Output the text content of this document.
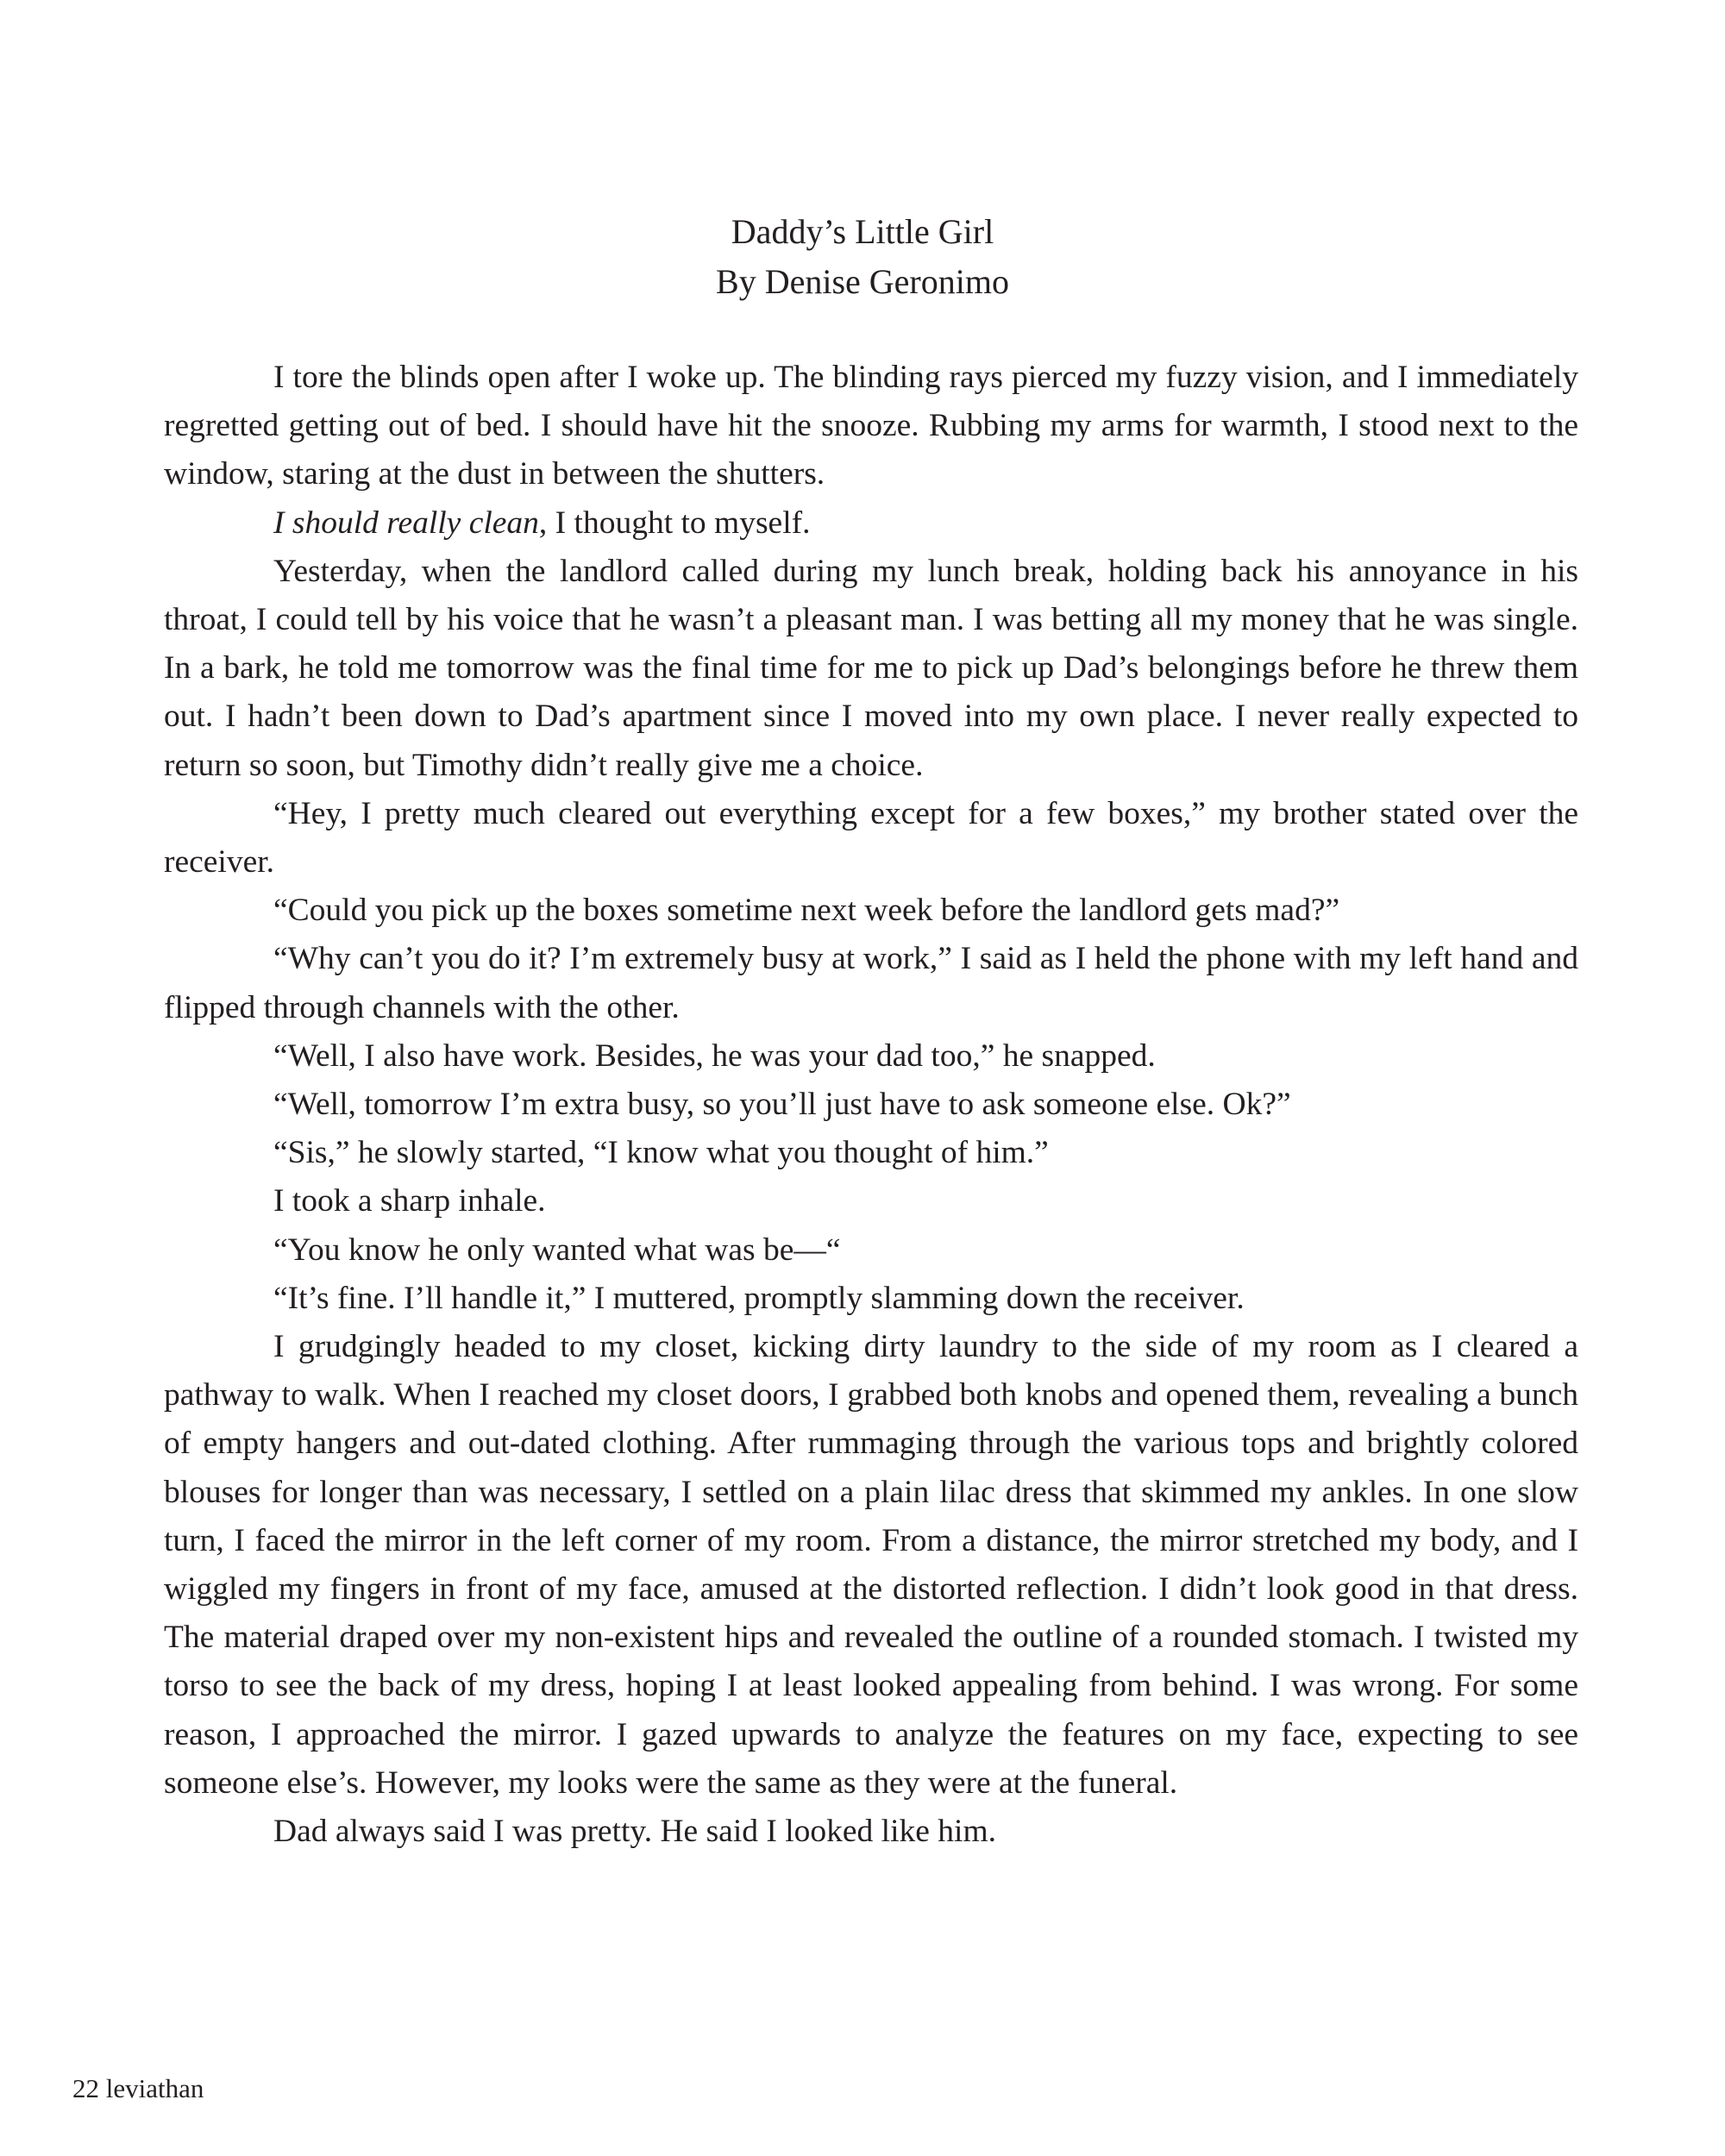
Daddy’s Little Girl
By Denise Geronimo

I tore the blinds open after I woke up. The blinding rays pierced my fuzzy vision, and I immediately regretted getting out of bed. I should have hit the snooze. Rubbing my arms for warmth, I stood next to the window, staring at the dust in between the shutters.

I should really clean, I thought to myself.

Yesterday, when the landlord called during my lunch break, holding back his annoyance in his throat, I could tell by his voice that he wasn’t a pleasant man. I was betting all my money that he was single. In a bark, he told me tomorrow was the final time for me to pick up Dad’s belongings before he threw them out. I hadn’t been down to Dad’s apartment since I moved into my own place. I never really expected to return so soon, but Timothy didn’t really give me a choice.

“Hey, I pretty much cleared out everything except for a few boxes,” my brother stated over the receiver.

“Could you pick up the boxes sometime next week before the landlord gets mad?”

“Why can’t you do it? I’m extremely busy at work,” I said as I held the phone with my left hand and flipped through channels with the other.

“Well, I also have work. Besides, he was your dad too,” he snapped.

“Well, tomorrow I’m extra busy, so you’ll just have to ask someone else. Ok?”

“Sis,” he slowly started, “I know what you thought of him.”

I took a sharp inhale.

“You know he only wanted what was be—“

“It’s fine. I’ll handle it,” I muttered, promptly slamming down the receiver.

I grudgingly headed to my closet, kicking dirty laundry to the side of my room as I cleared a pathway to walk. When I reached my closet doors, I grabbed both knobs and opened them, revealing a bunch of empty hangers and out-dated clothing. After rummaging through the various tops and brightly colored blouses for longer than was necessary, I settled on a plain lilac dress that skimmed my ankles. In one slow turn, I faced the mirror in the left corner of my room. From a distance, the mirror stretched my body, and I wiggled my fingers in front of my face, amused at the distorted reflection. I didn’t look good in that dress. The material draped over my non-existent hips and revealed the outline of a rounded stomach. I twisted my torso to see the back of my dress, hoping I at least looked appealing from behind. I was wrong. For some reason, I approached the mirror. I gazed upwards to analyze the features on my face, expecting to see someone else’s. However, my looks were the same as they were at the funeral.

Dad always said I was pretty. He said I looked like him.

22 leviathan
